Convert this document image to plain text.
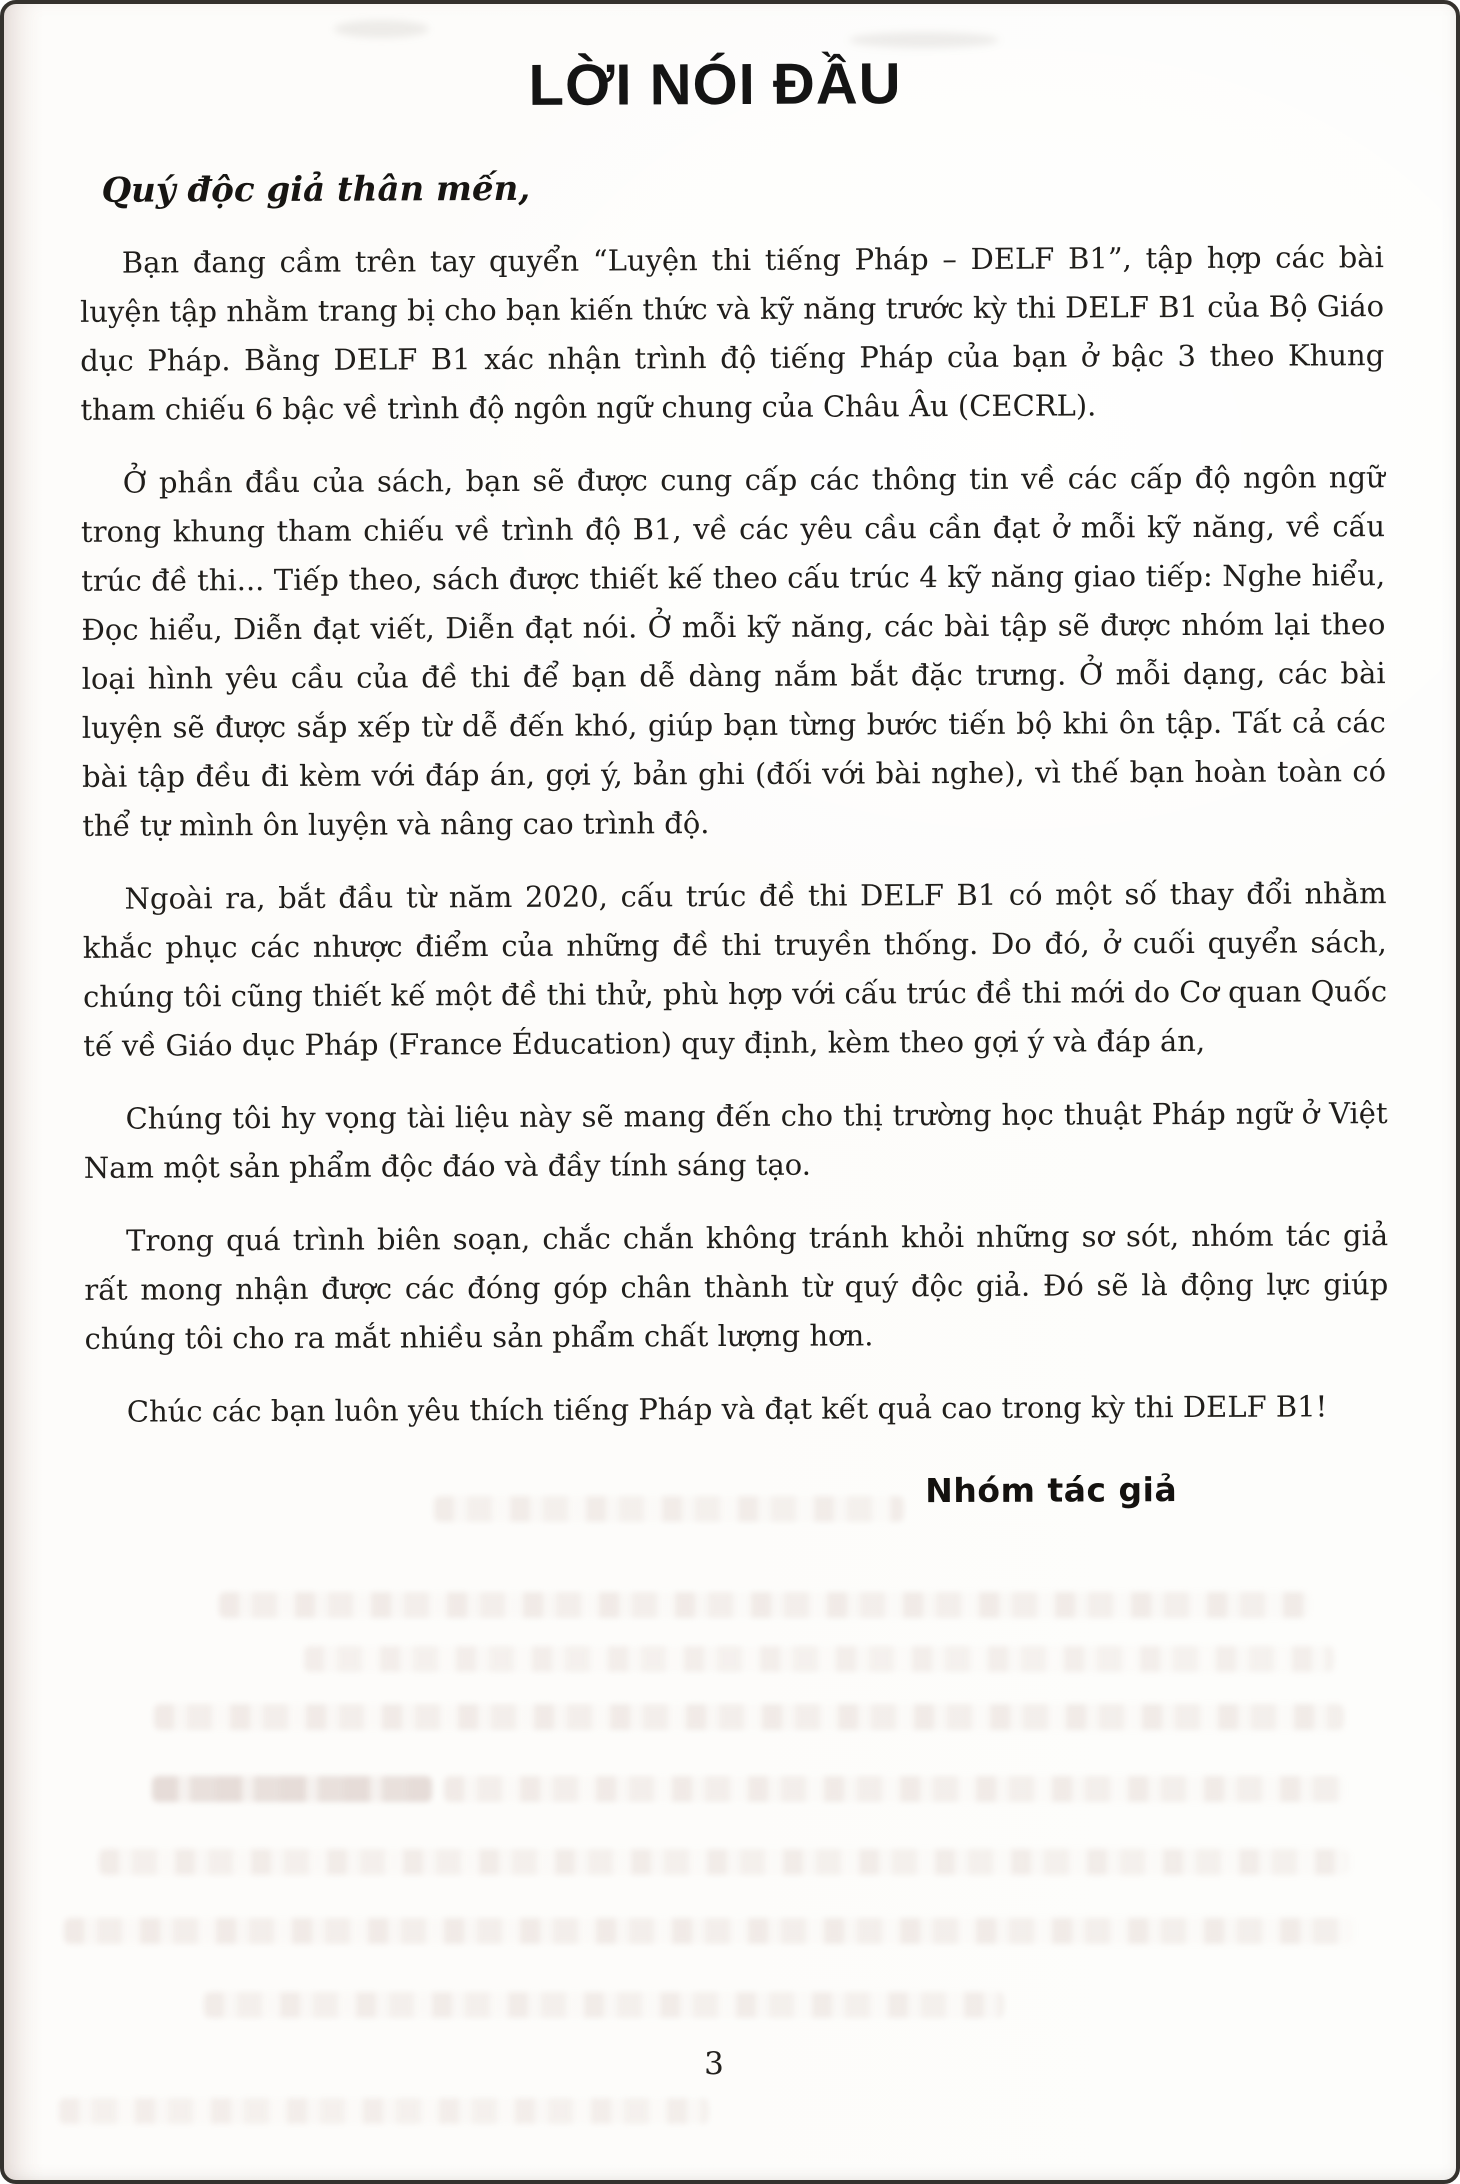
LỜI NÓI ĐẦU

Quý độc giả thân mến,

Bạn đang cầm trên tay quyển “Luyện thi tiếng Pháp – DELF B1”, tập hợp các bài luyện tập nhằm trang bị cho bạn kiến thức và kỹ năng trước kỳ thi DELF B1 của Bộ Giáo dục Pháp. Bằng DELF B1 xác nhận trình độ tiếng Pháp của bạn ở bậc 3 theo Khung tham chiếu 6 bậc về trình độ ngôn ngữ chung của Châu Âu (CECRL).

Ở phần đầu của sách, bạn sẽ được cung cấp các thông tin về các cấp độ ngôn ngữ trong khung tham chiếu về trình độ B1, về các yêu cầu cần đạt ở mỗi kỹ năng, về cấu trúc đề thi... Tiếp theo, sách được thiết kế theo cấu trúc 4 kỹ năng giao tiếp: Nghe hiểu, Đọc hiểu, Diễn đạt viết, Diễn đạt nói. Ở mỗi kỹ năng, các bài tập sẽ được nhóm lại theo loại hình yêu cầu của đề thi để bạn dễ dàng nắm bắt đặc trưng. Ở mỗi dạng, các bài luyện sẽ được sắp xếp từ dễ đến khó, giúp bạn từng bước tiến bộ khi ôn tập. Tất cả các bài tập đều đi kèm với đáp án, gợi ý, bản ghi (đối với bài nghe), vì thế bạn hoàn toàn có thể tự mình ôn luyện và nâng cao trình độ.

Ngoài ra, bắt đầu từ năm 2020, cấu trúc đề thi DELF B1 có một số thay đổi nhằm khắc phục các nhược điểm của những đề thi truyền thống. Do đó, ở cuối quyển sách, chúng tôi cũng thiết kế một đề thi thử, phù hợp với cấu trúc đề thi mới do Cơ quan Quốc tế về Giáo dục Pháp (France Éducation) quy định, kèm theo gợi ý và đáp án,

Chúng tôi hy vọng tài liệu này sẽ mang đến cho thị trường học thuật Pháp ngữ ở Việt Nam một sản phẩm độc đáo và đầy tính sáng tạo.

Trong quá trình biên soạn, chắc chắn không tránh khỏi những sơ sót, nhóm tác giả rất mong nhận được các đóng góp chân thành từ quý độc giả. Đó sẽ là động lực giúp chúng tôi cho ra mắt nhiều sản phẩm chất lượng hơn.

Chúc các bạn luôn yêu thích tiếng Pháp và đạt kết quả cao trong kỳ thi DELF B1!

Nhóm tác giả
3
